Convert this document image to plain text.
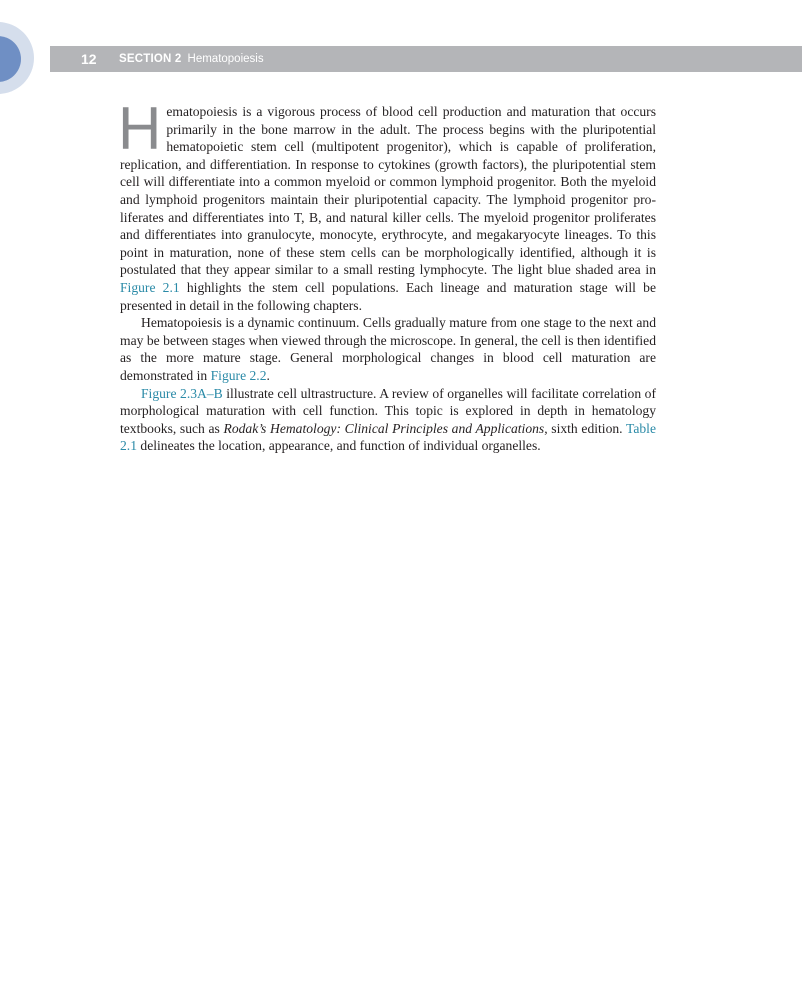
12 SECTION 2 Hematopoiesis

Hematopoiesis is a vigorous process of blood cell production and maturation that occurs primarily in the bone marrow in the adult. The process begins with the pluripotential hematopoietic stem cell (multipotent progenitor), which is capable of proliferation, replication, and differentiation. In response to cytokines (growth factors), the pluripotential stem cell will differentiate into a common myeloid or common lymphoid progenitor. Both the myeloid and lymphoid progenitors maintain their pluripotential capacity. The lymphoid progenitor proliferates and differentiates into T, B, and natural killer cells. The myeloid progenitor proliferates and differentiates into granulocyte, monocyte, erythrocyte, and megakaryocyte lineages. To this point in maturation, none of these stem cells can be morphologically identified, although it is postulated that they appear similar to a small resting lymphocyte. The light blue shaded area in Figure 2.1 highlights the stem cell populations. Each lineage and maturation stage will be presented in detail in the following chapters.

Hematopoiesis is a dynamic continuum. Cells gradually mature from one stage to the next and may be between stages when viewed through the microscope. In general, the cell is then identified as the more mature stage. General morphological changes in blood cell maturation are demonstrated in Figure 2.2.

Figure 2.3A–B illustrate cell ultrastructure. A review of organelles will facilitate correlation of morphological maturation with cell function. This topic is explored in depth in hematology textbooks, such as Rodak’s Hematology: Clinical Principles and Applications, sixth edition. Table 2.1 delineates the location, appearance, and function of individual organelles.
